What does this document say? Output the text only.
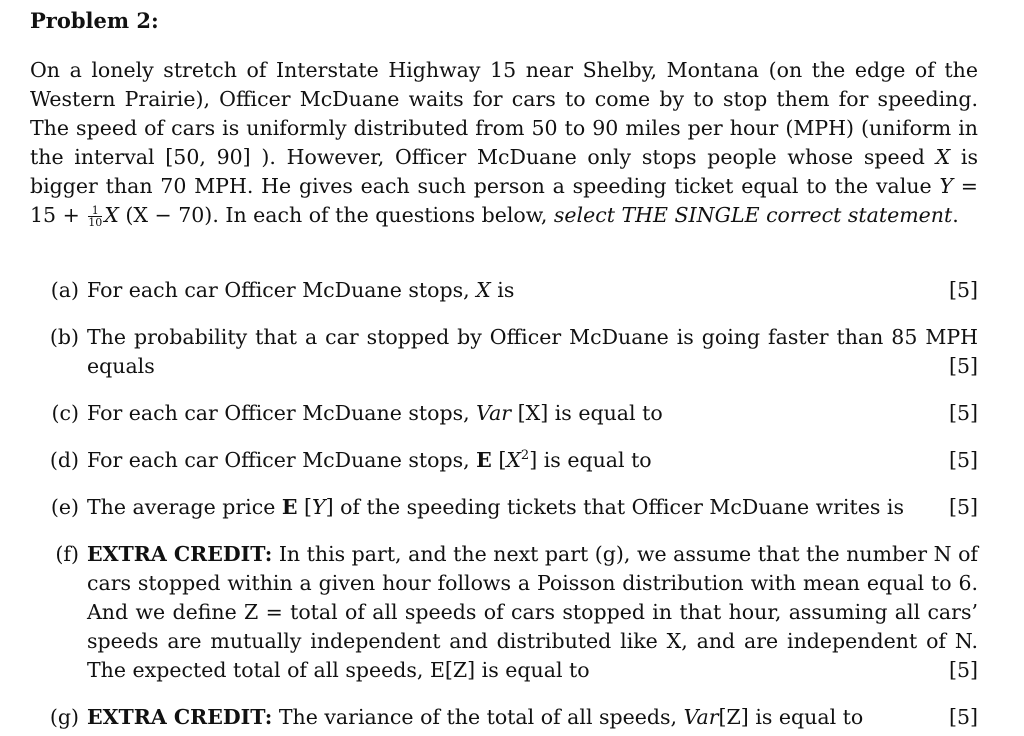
Problem 2:

On a lonely stretch of Interstate Highway 15 near Shelby, Montana (on the edge of the Western Prairie), Officer McDuane waits for cars to come by to stop them for speeding. The speed of cars is uniformly distributed from 50 to 90 miles per hour (MPH) (uniform in the interval [50, 90] ). However, Officer McDuane only stops people whose speed X is bigger than 70 MPH. He gives each such person a speeding ticket equal to the value $Y = 15 + \frac{1}{10}$ X (X − 70). In each of the questions below, select THE SINGLE correct statement.

(a) For each car Officer McDuane stops, X is	[5]
(b) The probability that a car stopped by Officer McDuane is going faster than 85 MPH equals	[5]
(c) For each car Officer McDuane stops, Var [X] is equal to	[5]
(d) For each car Officer McDuane stops, E $[X^2]$ is equal to	[5]
(e) The average price E [Y] of the speeding tickets that Officer McDuane writes is [5]
(f) EXTRA CREDIT: In this part, and the next part (g), we assume that the number N of cars stopped within a given hour follows a Poisson distribution with mean equal to 6. And we define Z = total of all speeds of cars stopped in that hour, assuming all cars’ speeds are mutually independent and distributed like X, and are independent of N. The expected total of all speeds, E[Z] is equal to	[5]
(g) EXTRA CREDIT: The variance of the total of all speeds, Var[Z] is equal to	[5]
